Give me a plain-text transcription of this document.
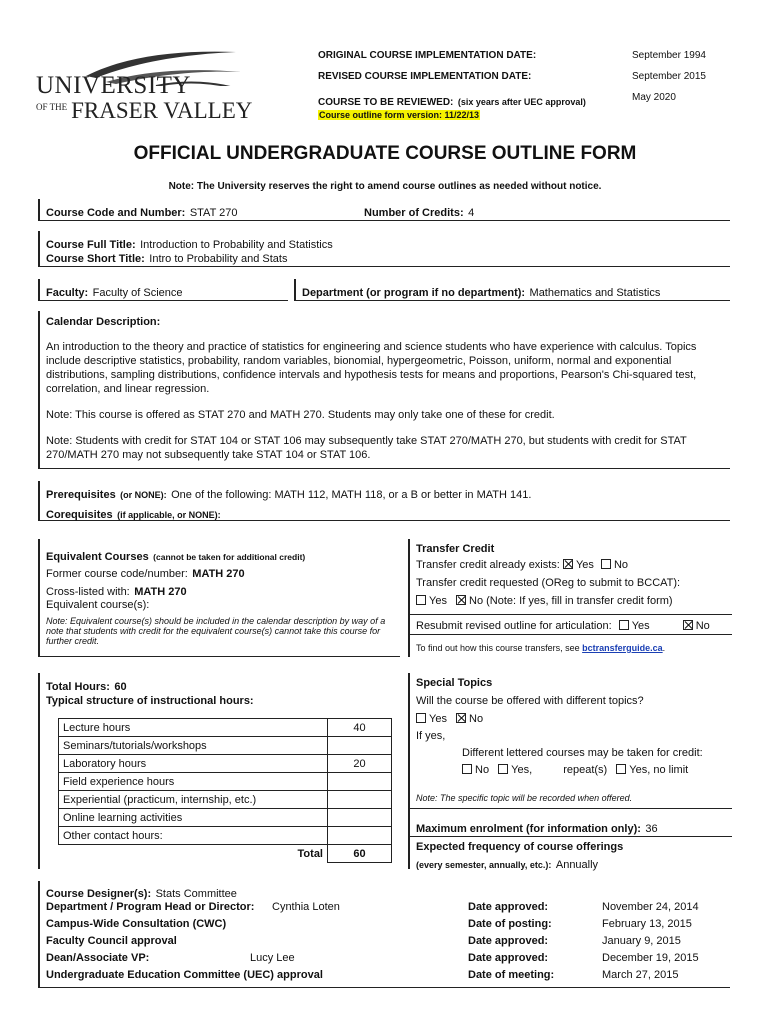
UNIVERSITY
$^{OF THE}$ FRASER VALLEY
ORIGINAL COURSE IMPLEMENTATION DATE:	September 1994
REVISED COURSE IMPLEMENTATION DATE:	September 2015
COURSE TO BE REVIEWED: (six years after UEC approval)	May 2020
Course outline form version: 11/22/13
OFFICIAL UNDERGRADUATE COURSE OUTLINE FORM
Note: The University reserves the right to amend course outlines as needed without notice.
Course Code and Number: STAT 270	Number of Credits: 4
Course Full Title: Introduction to Probability and Statistics
Course Short Title: Intro to Probability and Stats
Faculty: Faculty of Science	Department (or program if no department): Mathematics and Statistics
Calendar Description:

An introduction to the theory and practice of statistics for engineering and science students who have experience with calculus. Topics include descriptive statistics, probability, random variables, bionomial, hypergeometric, Poisson, uniform, normal and exponential distributions, sampling distributions, confidence intervals and hypothesis tests for means and proportions, Pearson's Chi-squared test, correlation, and linear regression.

Note: This course is offered as STAT 270 and MATH 270. Students may only take one of these for credit.

Note: Students with credit for STAT 104 or STAT 106 may subsequently take STAT 270/MATH 270, but students with credit for STAT 270/MATH 270 may not subsequently take STAT 104 or STAT 106.

Prerequisites (or NONE): One of the following: MATH 112, MATH 118, or a B or better in MATH 141.
Corequisites (if applicable, or NONE):
Equivalent Courses (cannot be taken for additional credit)
Former course code/number: MATH 270
Cross-listed with: MATH 270
Equivalent course(s):
Note: Equivalent course(s) should be included in the calendar description by way of a note that students with credit for the equivalent course(s) cannot take this course for further credit.
Transfer Credit
Transfer credit already exists: Yes No
Transfer credit requested (OReg to submit to BCCAT):
Yes No (Note: If yes, fill in transfer credit form)
Resubmit revised outline for articulation: Yes	No
To find out how this course transfers, see bctransferguide.ca.
Total Hours: 60
Typical structure of instructional hours:
Lecture hours	40
Seminars/tutorials/workshops	
Laboratory hours	20
Field experience hours	
Experiential (practicum, internship, etc.)	
Online learning activities	
Other contact hours:	
Total	60
Special Topics
Will the course be offered with different topics?
Yes No
If yes,
Different lettered courses may be taken for credit:
No Yes,	repeat(s) Yes, no limit
Note: The specific topic will be recorded when offered.
Maximum enrolment (for information only): 36
Expected frequency of course offerings
(every semester, annually, etc.): Annually
Course Designer(s): Stats Committee
Department / Program Head or Director: Cynthia Loten	Date approved:	November 24, 2014
Campus-Wide Consultation (CWC)	Date of posting:	February 13, 2015
Faculty Council approval	Date approved:	January 9, 2015
Dean/Associate VP:	Lucy Lee	Date approved:	December 19, 2015
Undergraduate Education Committee (UEC) approval	Date of meeting:	March 27, 2015
